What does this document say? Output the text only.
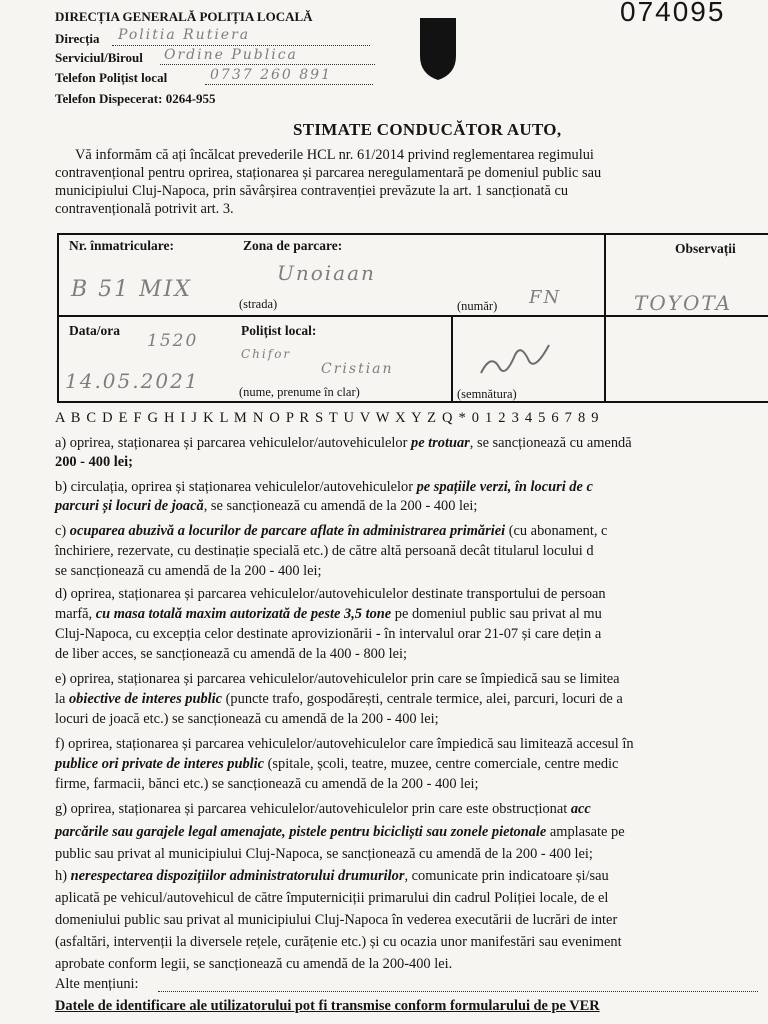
DIRECȚIA GENERALĂ POLIȚIA LOCALĂ
Direcția Politia Rutiera
Serviciul/Biroul Ordine Publica
Telefon Polițist local	0737 260 891
Telefon Dispecerat: 0264-955
074095
STIMATE CONDUCĂTOR AUTO,
Vă informăm că ați încălcat prevederile HCL nr. 61/2014 privind reglementarea regimului
contravențional pentru oprirea, staționarea și parcarea neregulamentară pe domeniul public sau
municipiului Cluj-Napoca, prin săvârșirea contravenției prevăzute la art. 1 sancționată cu
contravențională potrivit art. 3.
Nr. înmatriculare:
B 51 MIX
Zona de parcare:
Unoiaan
(strada)	(număr) FN
Observații
TOYOTA
Data/ora
1520
14.05.2021
Polițist local:
Chifor
Cristian
(nume, prenume în clar)	(semnătura)
A B C D E F G H I J K L M N O P R S T U V W X Y Z Q * 0 1 2 3 4 5 6 7 8 9
a) oprirea, staționarea și parcarea vehiculelor/autovehiculelor pe trotuar, se sancționează cu amendă
200 - 400 lei;
b) circulația, oprirea și staționarea vehiculelor/autovehiculelor pe spațiile verzi, în locuri de c
parcuri și locuri de joacă, se sancționează cu amendă de la 200 - 400 lei;
c) ocuparea abuzivă a locurilor de parcare aflate în administrarea primăriei (cu abonament, c
închiriere, rezervate, cu destinație specială etc.) de către altă persoană decât titularul locului d
se sancționează cu amendă de la 200 - 400 lei;
d) oprirea, staționarea și parcarea vehiculelor/autovehiculelor destinate transportului de persoan
marfă, cu masa totală maxim autorizată de peste 3,5 tone pe domeniul public sau privat al mu
Cluj-Napoca, cu excepția celor destinate aprovizionării - în intervalul orar 21-07 și care dețin a
de liber acces, se sancționează cu amendă de la 400 - 800 lei;
e) oprirea, staționarea și parcarea vehiculelor/autovehiculelor prin care se împiedică sau se limitea
la obiective de interes public (puncte trafo, gospodărești, centrale termice, alei, parcuri, locuri de a
locuri de joacă etc.) se sancționează cu amendă de la 200 - 400 lei;
f) oprirea, staționarea și parcarea vehiculelor/autovehiculelor care împiedică sau limitează accesul în
publice ori private de interes public (spitale, școli, teatre, muzee, centre comerciale, centre medic
firme, farmacii, bănci etc.) se sancționează cu amendă de la 200 - 400 lei;
g) oprirea, staționarea și parcarea vehiculelor/autovehiculelor prin care este obstrucționat acc
parcările sau garajele legal amenajate, pistele pentru bicicliști sau zonele pietonale amplasate pe
public sau privat al municipiului Cluj-Napoca, se sancționează cu amendă de la 200 - 400 lei;
h) nerespectarea dispozițiilor administratorului drumurilor, comunicate prin indicatoare și/sau
aplicată pe vehicul/autovehicul de către împuterniciții primarului din cadrul Poliției locale, de el
domeniului public sau privat al municipiului Cluj-Napoca în vederea executării de lucrări de inter
(asfaltări, intervenții la diversele rețele, curățenie etc.) și cu ocazia unor manifestări sau eveniment
aprobate conform legii, se sancționează cu amendă de la 200-400 lei.
Alte mențiuni:
Datele de identificare ale utilizatorului pot fi transmise conform formularului de pe VER
